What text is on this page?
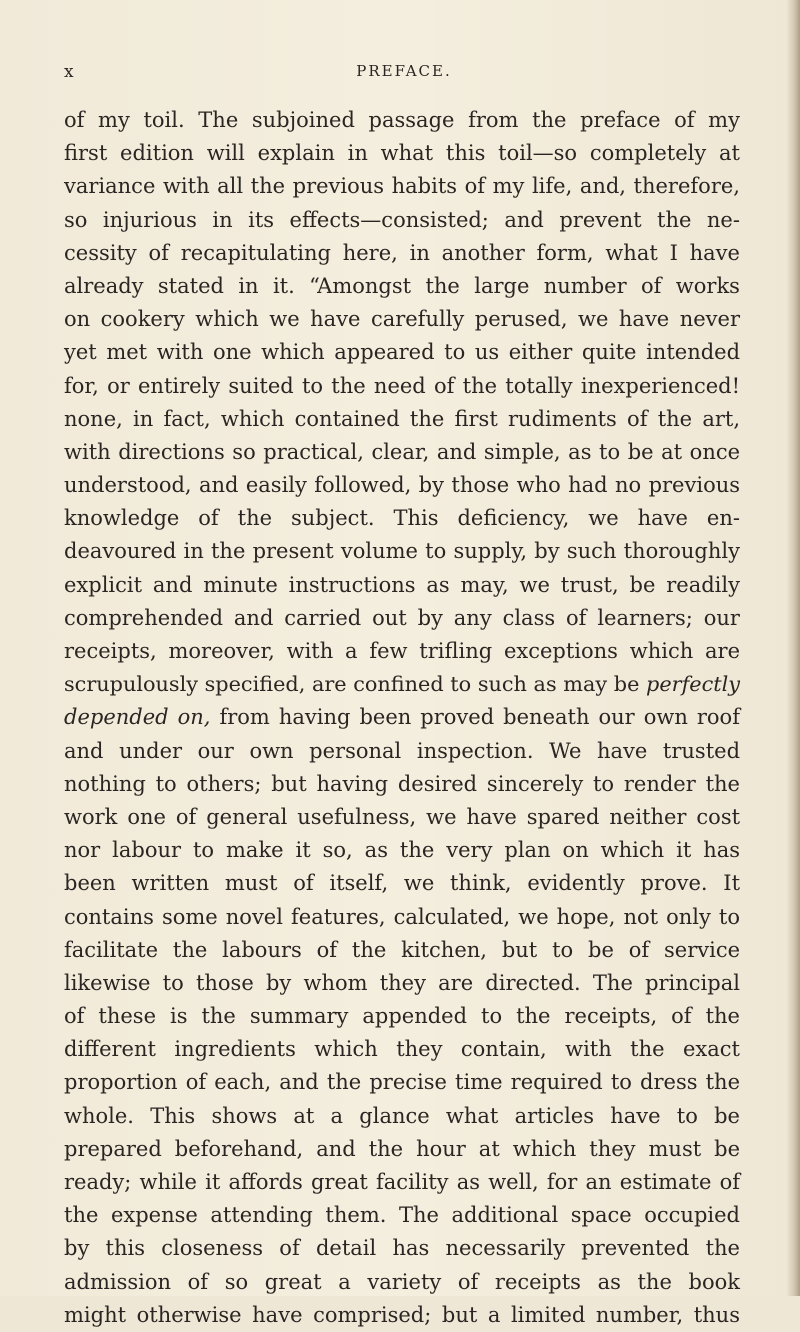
x	PREFACE.
of my toil. The subjoined passage from the preface of my
first edition will explain in what this toil—so completely at
variance with all the previous habits of my life, and, therefore,
so injurious in its effects—consisted; and prevent the ne-
cessity of recapitulating here, in another form, what I have
already stated in it. “Amongst the large number of works
on cookery which we have carefully perused, we have never
yet met with one which appeared to us either quite intended
for, or entirely suited to the need of the totally inexperienced!
none, in fact, which contained the first rudiments of the art,
with directions so practical, clear, and simple, as to be at once
understood, and easily followed, by those who had no previous
knowledge of the subject. This deficiency, we have en-
deavoured in the present volume to supply, by such thoroughly
explicit and minute instructions as may, we trust, be readily
comprehended and carried out by any class of learners; our
receipts, moreover, with a few trifling exceptions which are
scrupulously specified, are confined to such as may be perfectly
depended on, from having been proved beneath our own roof
and under our own personal inspection. We have trusted
nothing to others; but having desired sincerely to render the
work one of general usefulness, we have spared neither cost
nor labour to make it so, as the very plan on which it has
been written must of itself, we think, evidently prove. It
contains some novel features, calculated, we hope, not only to
facilitate the labours of the kitchen, but to be of service
likewise to those by whom they are directed. The principal
of these is the summary appended to the receipts, of the
different ingredients which they contain, with the exact
proportion of each, and the precise time required to dress the
whole. This shows at a glance what articles have to be
prepared beforehand, and the hour at which they must be
ready; while it affords great facility as well, for an estimate of
the expense attending them. The additional space occupied
by this closeness of detail has necessarily prevented the
admission of so great a variety of receipts as the book
might otherwise have comprised; but a limited number, thus
